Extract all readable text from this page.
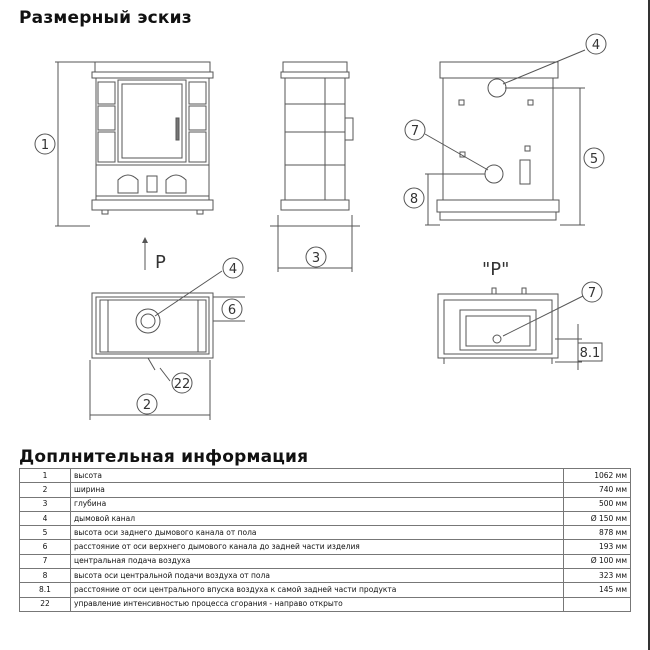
Размерный эскиз
1
2
3
4
4
5
6
7
7
8
8.1
22
P	"P"
Доплнительная информация
1	высота	1062 мм
2	ширина	740 мм
3	глубина	500 мм
4	дымовой канал	Ø 150 мм
5	высота оси заднего дымового канала от пола	878 мм
6	расстояние от оси верхнего дымового канала до задней части изделия	193 мм
7	центральная подача воздуха	Ø 100 мм
8	высота оси центральной подачи воздуха от пола	323 мм
8.1	расстояние от оси центрального впуска воздуха к самой задней части продукта	145 мм
22	управление интенсивностью процесса сгорания - направо открыто	
